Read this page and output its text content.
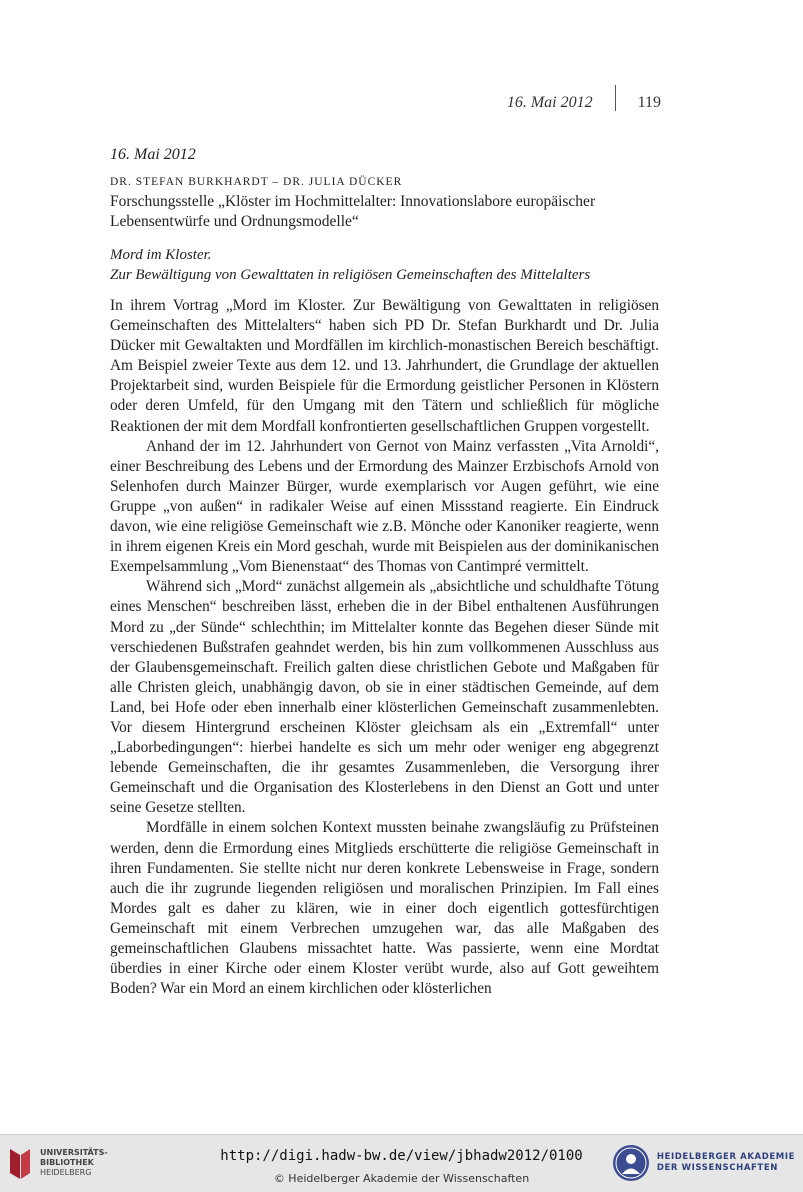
16. Mai 2012	119
16. Mai 2012
DR. STEFAN BURKHARDT – DR. JULIA DÜCKER
Forschungsstelle „Klöster im Hochmittelalter: Innovationslabore europäischer Lebensentwürfe und Ordnungsmodelle“
Mord im Kloster.
Zur Bewältigung von Gewalttaten in religiösen Gemeinschaften des Mittelalters

In ihrem Vortrag „Mord im Kloster. Zur Bewältigung von Gewalttaten in religiösen Gemeinschaften des Mittelalters“ haben sich PD Dr. Stefan Burkhardt und Dr. Julia Dücker mit Gewaltakten und Mordfällen im kirchlich-monastischen Bereich beschäftigt. Am Beispiel zweier Texte aus dem 12. und 13. Jahrhundert, die Grundlage der aktuellen Projektarbeit sind, wurden Beispiele für die Ermordung geistlicher Personen in Klöstern oder deren Umfeld, für den Umgang mit den Tätern und schließlich für mögliche Reaktionen der mit dem Mordfall konfrontierten gesellschaftlichen Gruppen vorgestellt.

Anhand der im 12. Jahrhundert von Gernot von Mainz verfassten „Vita Arnoldi“, einer Beschreibung des Lebens und der Ermordung des Mainzer Erzbischofs Arnold von Selenhofen durch Mainzer Bürger, wurde exemplarisch vor Augen geführt, wie eine Gruppe „von außen“ in radikaler Weise auf einen Missstand reagierte. Ein Eindruck davon, wie eine religiöse Gemeinschaft wie z.B. Mönche oder Kanoniker reagierte, wenn in ihrem eigenen Kreis ein Mord geschah, wurde mit Beispielen aus der dominikanischen Exempelsammlung „Vom Bienenstaat“ des Thomas von Cantimpré vermittelt.

Während sich „Mord“ zunächst allgemein als „absichtliche und schuldhafte Tötung eines Menschen“ beschreiben lässt, erheben die in der Bibel enthaltenen Ausführungen Mord zu „der Sünde“ schlechthin; im Mittelalter konnte das Begehen dieser Sünde mit verschiedenen Bußstrafen geahndet werden, bis hin zum vollkommenen Ausschluss aus der Glaubensgemeinschaft. Freilich galten diese christlichen Gebote und Maßgaben für alle Christen gleich, unabhängig davon, ob sie in einer städtischen Gemeinde, auf dem Land, bei Hofe oder eben innerhalb einer klösterlichen Gemeinschaft zusammenlebten. Vor diesem Hintergrund erscheinen Klöster gleichsam als ein „Extremfall“ unter „Laborbedingungen“: hierbei handelte es sich um mehr oder weniger eng abgegrenzt lebende Gemeinschaften, die ihr gesamtes Zusammenleben, die Versorgung ihrer Gemeinschaft und die Organisation des Klosterlebens in den Dienst an Gott und unter seine Gesetze stellten.

Mordfälle in einem solchen Kontext mussten beinahe zwangsläufig zu Prüfsteinen werden, denn die Ermordung eines Mitglieds erschütterte die religiöse Gemeinschaft in ihren Fundamenten. Sie stellte nicht nur deren konkrete Lebensweise in Frage, sondern auch die ihr zugrunde liegenden religiösen und moralischen Prinzipien. Im Fall eines Mordes galt es daher zu klären, wie in einer doch eigentlich gottesfürchtigen Gemeinschaft mit einem Verbrechen umzugehen war, das alle Maßgaben des gemeinschaftlichen Glaubens missachtet hatte. Was passierte, wenn eine Mordtat überdies in einer Kirche oder einem Kloster verübt wurde, also auf Gott geweihtem Boden? War ein Mord an einem kirchlichen oder klösterlichen

UNIVERSITÄTS-
BIBLIOTHEK
HEIDELBERG
http://digi.hadw-bw.de/view/jbhadw2012/0100
© Heidelberger Akademie der Wissenschaften
HEIDELBERGER AKADEMIE
DER WISSENSCHAFTEN
